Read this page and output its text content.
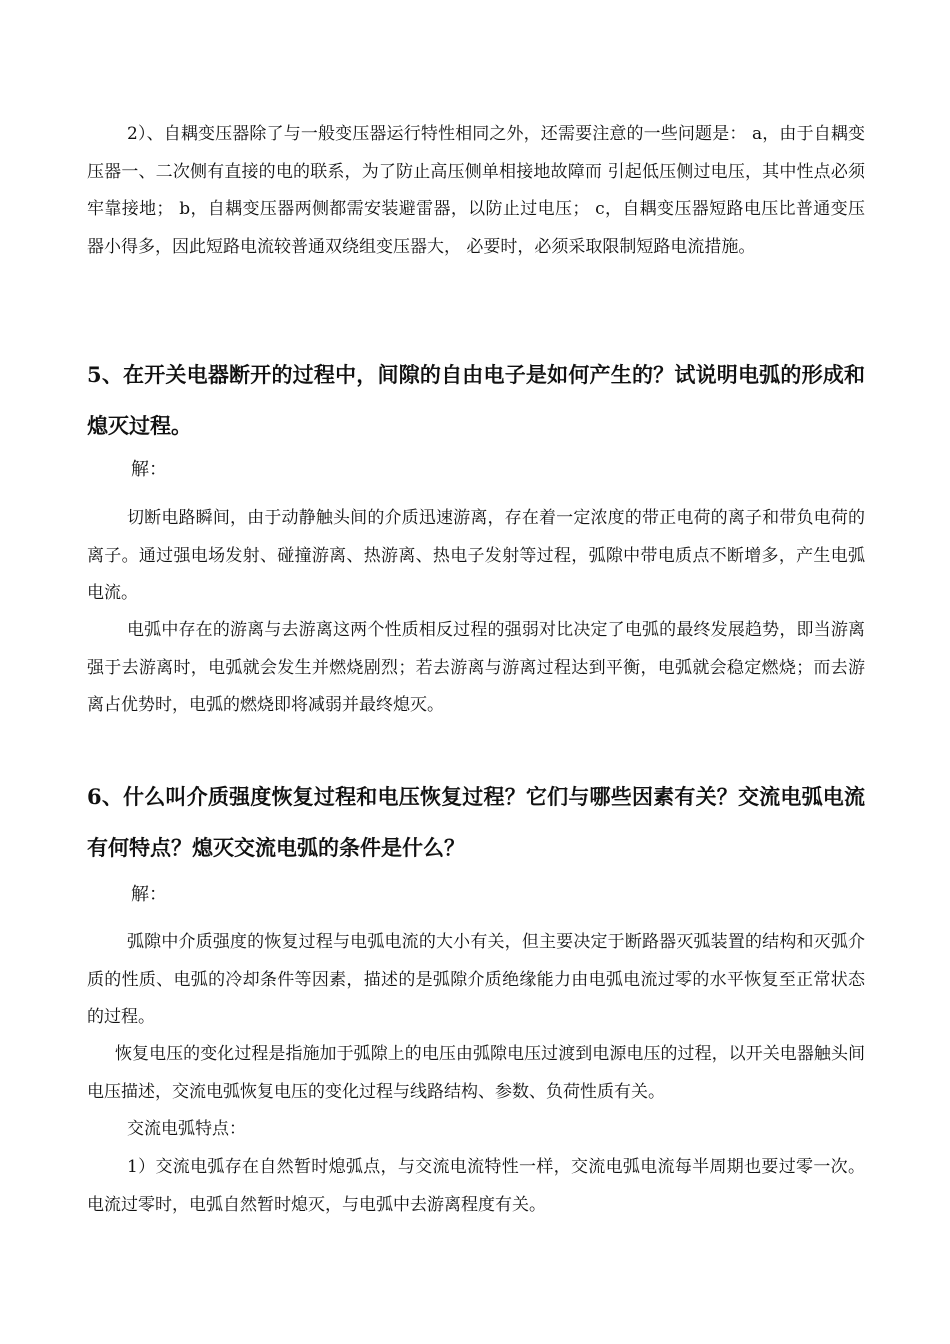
2）、自耦变压器除了与一般变压器运行特性相同之外，还需要注意的一些问题是： a，由于自耦变压器一、二次侧有直接的电的联系，为了防止高压侧单相接地故障而 引起低压侧过电压，其中性点必须牢靠接地； b，自耦变压器两侧都需安装避雷器，以防止过电压； c，自耦变压器短路电压比普通变压器小得多，因此短路电流较普通双绕组变压器大， 必要时，必须采取限制短路电流措施。

5、在开关电器断开的过程中，间隙的自由电子是如何产生的？试说明电弧的形成和熄灭过程。

解：

切断电路瞬间，由于动静触头间的介质迅速游离，存在着一定浓度的带正电荷的离子和带负电荷的离子。通过强电场发射、碰撞游离、热游离、热电子发射等过程，弧隙中带电质点不断增多，产生电弧电流。

电弧中存在的游离与去游离这两个性质相反过程的强弱对比决定了电弧的最终发展趋势，即当游离强于去游离时，电弧就会发生并燃烧剧烈；若去游离与游离过程达到平衡，电弧就会稳定燃烧；而去游离占优势时，电弧的燃烧即将减弱并最终熄灭。

6、什么叫介质强度恢复过程和电压恢复过程？它们与哪些因素有关？交流电弧电流有何特点？熄灭交流电弧的条件是什么？

解：

弧隙中介质强度的恢复过程与电弧电流的大小有关，但主要决定于断路器灭弧装置的结构和灭弧介质的性质、电弧的冷却条件等因素，描述的是弧隙介质绝缘能力由电弧电流过零的水平恢复至正常状态的过程。

恢复电压的变化过程是指施加于弧隙上的电压由弧隙电压过渡到电源电压的过程，以开关电器触头间电压描述，交流电弧恢复电压的变化过程与线路结构、参数、负荷性质有关。

交流电弧特点：

1）交流电弧存在自然暂时熄弧点，与交流电流特性一样，交流电弧电流每半周期也要过零一次。电流过零时，电弧自然暂时熄灭，与电弧中去游离程度有关。
